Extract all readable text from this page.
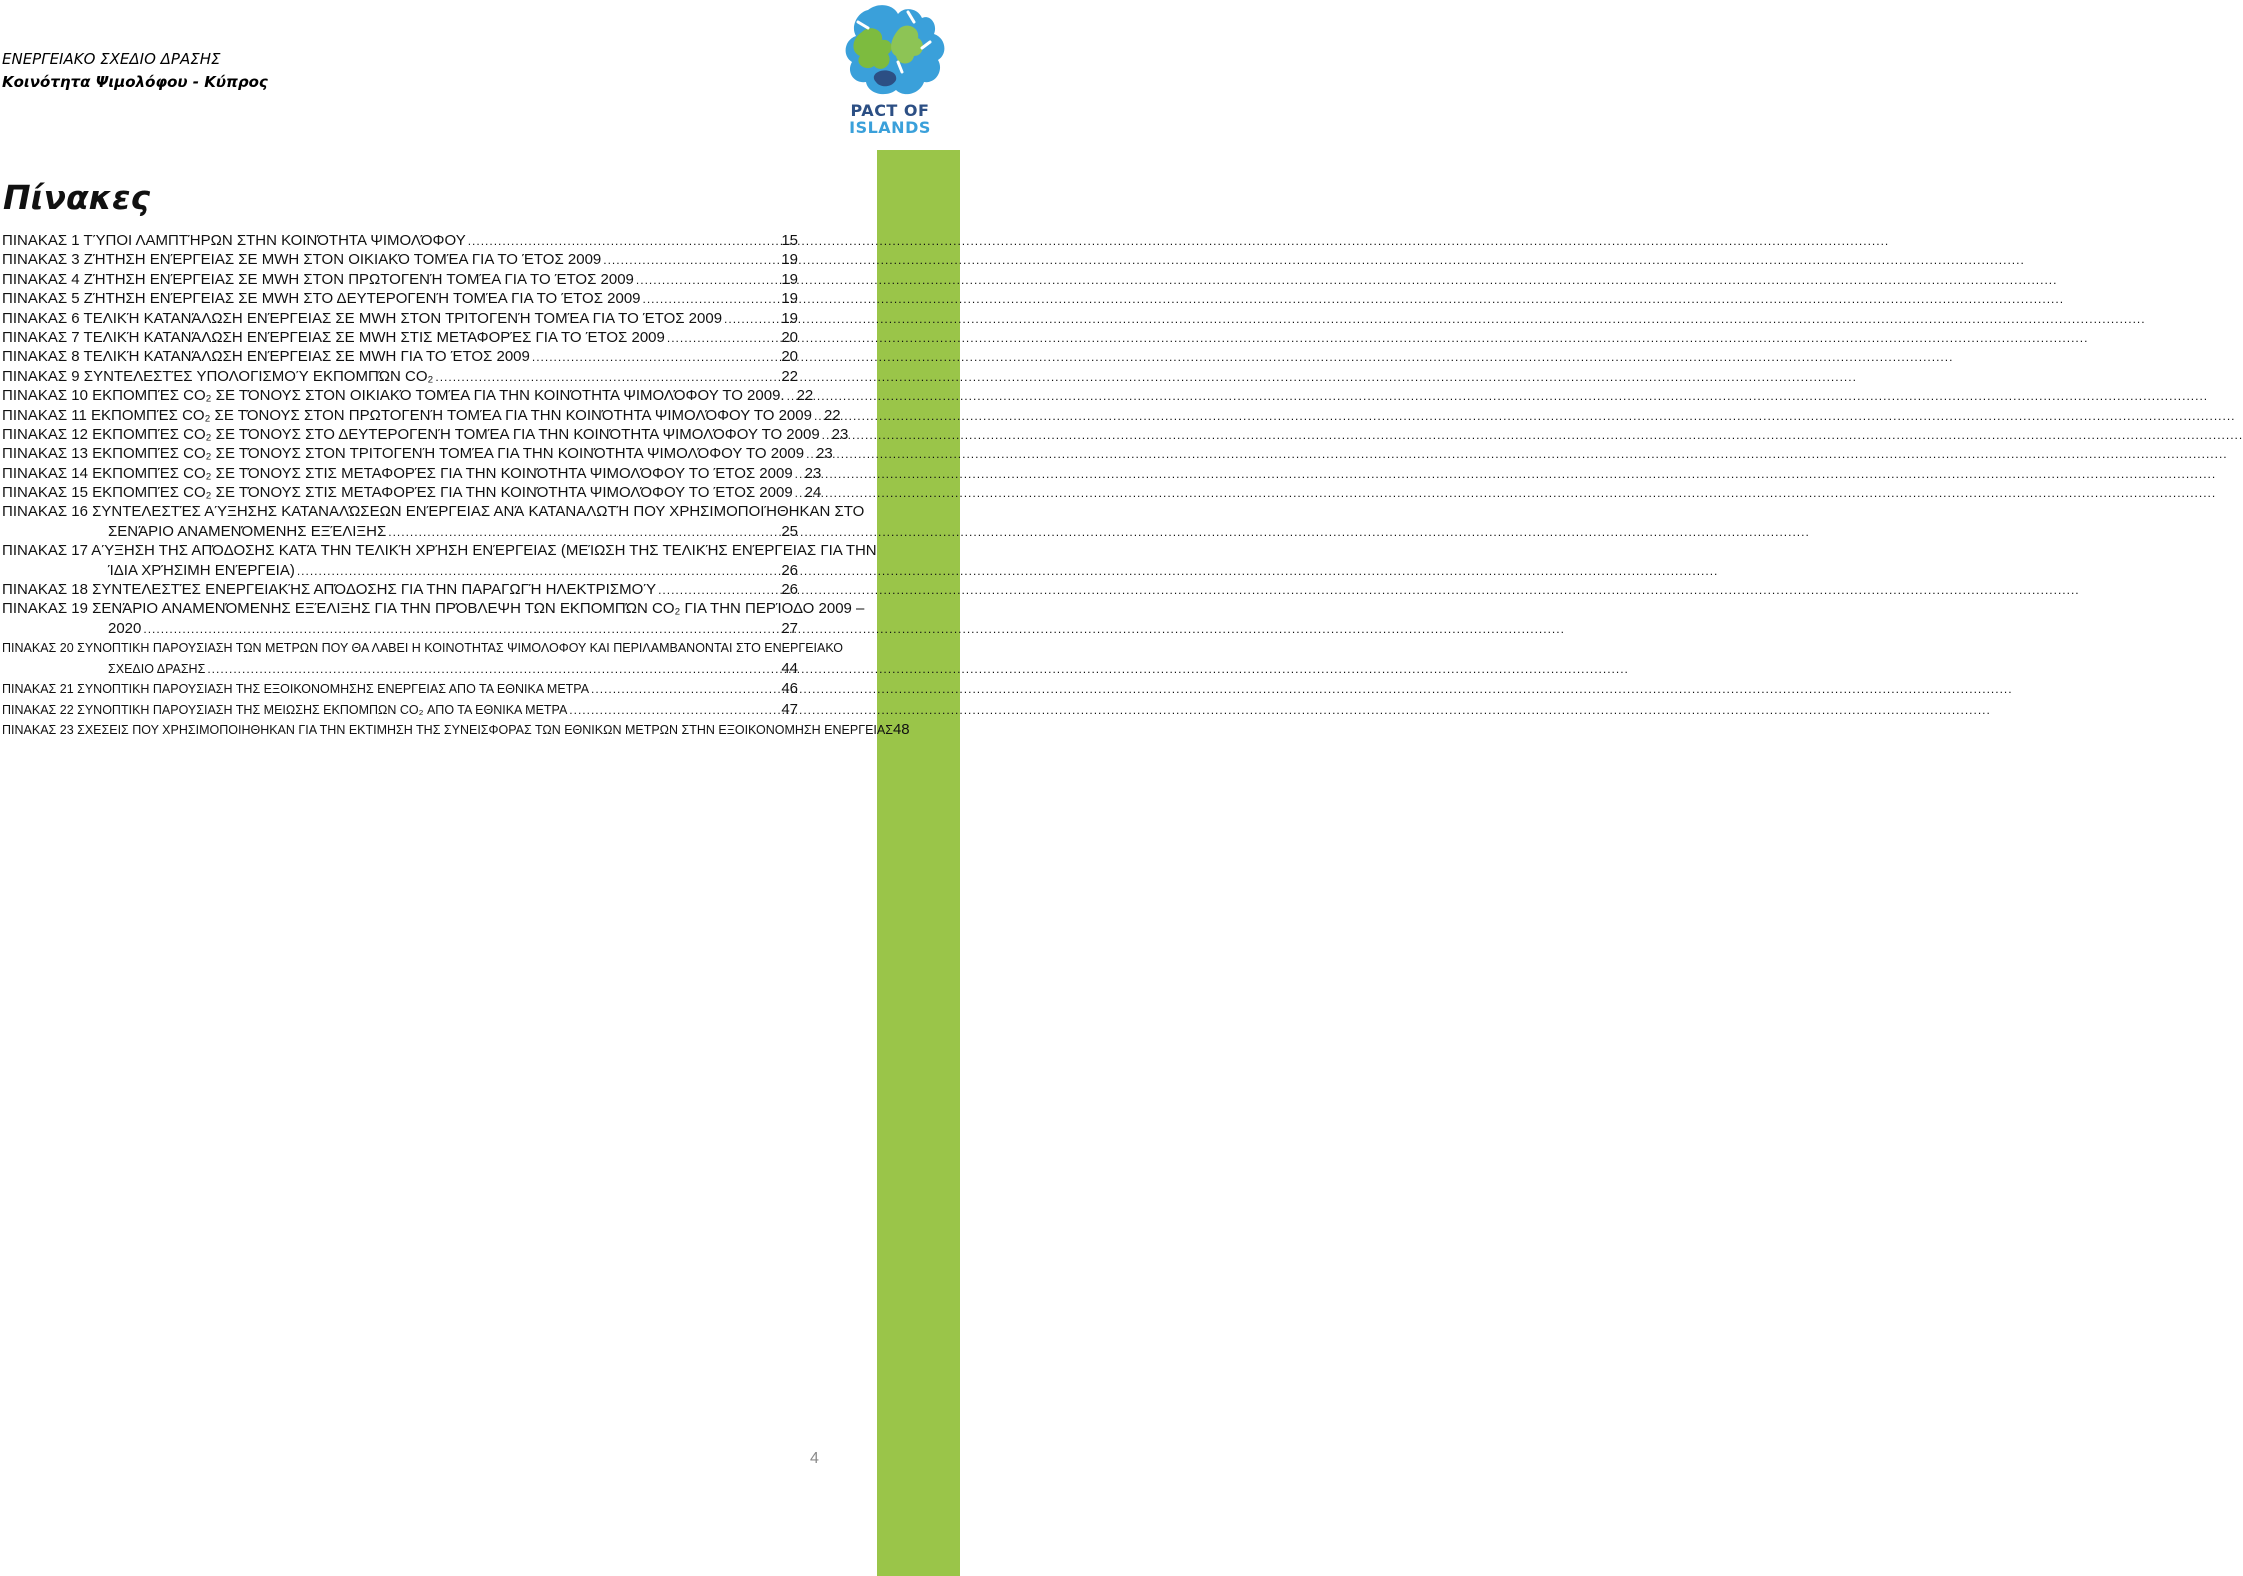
ΕΝΕΡΓΕΙΑΚΟ ΣΧΕΔΙΟ ΔΡΑΣΗΣ
Κοινότητα Ψιμολόφου - Κύπρος
PACT OF
ISLANDS
Πίνακες
ΠΙΝΑΚΑΣ 1 ΤΎΠΟΙ ΛΑΜΠΤΉΡΩΝ ΣΤΗΝ ΚΟΙΝΌΤΗΤΑ ΨΙΜΟΛΌΦΟΥ .....	15
ΠΙΝΑΚΑΣ 3 ΖΉΤΗΣΗ ΕΝΈΡΓΕΙΑΣ ΣΕ MWH ΣΤΟΝ ΟΙΚΙΑΚΌ ΤΟΜΈΑ ΓΙΑ ΤΟ ΈΤΟΣ 2009 .....	19
ΠΙΝΑΚΑΣ 4 ΖΉΤΗΣΗ ΕΝΈΡΓΕΙΑΣ ΣΕ MWH ΣΤΟΝ ΠΡΩΤΟΓΕΝΉ ΤΟΜΈΑ ΓΙΑ ΤΟ ΈΤΟΣ 2009 .....	19
ΠΙΝΑΚΑΣ 5 ΖΉΤΗΣΗ ΕΝΈΡΓΕΙΑΣ ΣΕ MWH ΣΤΟ ΔΕΥΤΕΡΟΓΕΝΉ ΤΟΜΈΑ ΓΙΑ ΤΟ ΈΤΟΣ 2009 .....	19
ΠΙΝΑΚΑΣ 6 ΤΕΛΙΚΉ ΚΑΤΑΝΆΛΩΣΗ ΕΝΈΡΓΕΙΑΣ ΣΕ MWH ΣΤΟΝ ΤΡΙΤΟΓΕΝΉ ΤΟΜΈΑ ΓΙΑ ΤΟ ΈΤΟΣ 2009 .....	19
ΠΙΝΑΚΑΣ 7 ΤΕΛΙΚΉ ΚΑΤΑΝΆΛΩΣΗ ΕΝΈΡΓΕΙΑΣ ΣΕ MWH ΣΤΙΣ ΜΕΤΑΦΟΡΈΣ ΓΙΑ ΤΟ ΈΤΟΣ 2009 .....	20
ΠΙΝΑΚΑΣ 8 ΤΕΛΙΚΉ ΚΑΤΑΝΆΛΩΣΗ ΕΝΈΡΓΕΙΑΣ ΣΕ MWH ΓΙΑ ΤΟ ΈΤΟΣ 2009 .....	20
ΠΙΝΑΚΑΣ 9 ΣΥΝΤΕΛΕΣΤΈΣ ΥΠΟΛΟΓΙΣΜΟΎ ΕΚΠΟΜΠΏΝ CO₂ .....	22
ΠΙΝΑΚΑΣ 10 ΕΚΠΟΜΠΈΣ CO₂ ΣΕ ΤΌΝΟΥΣ ΣΤΟΝ ΟΙΚΙΑΚΌ ΤΟΜΈΑ ΓΙΑ ΤΗΝ ΚΟΙΝΌΤΗΤΑ ΨΙΜΟΛΌΦΟΥ ΤΟ 2009. ..... 22
ΠΙΝΑΚΑΣ 11 ΕΚΠΟΜΠΈΣ CO₂ ΣΕ ΤΌΝΟΥΣ ΣΤΟΝ ΠΡΩΤΟΓΕΝΉ ΤΟΜΈΑ ΓΙΑ ΤΗΝ ΚΟΙΝΌΤΗΤΑ ΨΙΜΟΛΌΦΟΥ ΤΟ 2009 ..... 22
ΠΙΝΑΚΑΣ 12 ΕΚΠΟΜΠΈΣ CO₂ ΣΕ ΤΌΝΟΥΣ ΣΤΟ ΔΕΥΤΕΡΟΓΕΝΉ ΤΟΜΈΑ ΓΙΑ ΤΗΝ ΚΟΙΝΌΤΗΤΑ ΨΙΜΟΛΌΦΟΥ ΤΟ 2009 ..... 23
ΠΙΝΑΚΑΣ 13 ΕΚΠΟΜΠΈΣ CO₂ ΣΕ ΤΌΝΟΥΣ ΣΤΟΝ ΤΡΙΤΟΓΕΝΉ ΤΟΜΈΑ ΓΙΑ ΤΗΝ ΚΟΙΝΌΤΗΤΑ ΨΙΜΟΛΌΦΟΥ ΤΟ 2009 ..... 23
ΠΙΝΑΚΑΣ 14 ΕΚΠΟΜΠΈΣ CO₂ ΣΕ ΤΌΝΟΥΣ ΣΤΙΣ ΜΕΤΑΦΟΡΈΣ ΓΙΑ ΤΗΝ ΚΟΙΝΌΤΗΤΑ ΨΙΜΟΛΌΦΟΥ ΤΟ ΈΤΟΣ 2009 ..... 23
ΠΙΝΑΚΑΣ 15 ΕΚΠΟΜΠΈΣ CO₂ ΣΕ ΤΌΝΟΥΣ ΣΤΙΣ ΜΕΤΑΦΟΡΈΣ ΓΙΑ ΤΗΝ ΚΟΙΝΌΤΗΤΑ ΨΙΜΟΛΌΦΟΥ ΤΟ ΈΤΟΣ 2009 ..... 24
ΠΙΝΑΚΑΣ 16 ΣΥΝΤΕΛΕΣΤΈΣ ΑΎΞΗΣΗΣ ΚΑΤΑΝΑΛΏΣΕΩΝ ΕΝΈΡΓΕΙΑΣ ΑΝΆ ΚΑΤΑΝΑΛΩΤΉ ΠΟΥ ΧΡΗΣΙΜΟΠΟΙΉΘΗΚΑΝ ΣΤΟ
ΣΕΝΆΡΙΟ ΑΝΑΜΕΝΌΜΕΝΗΣ ΕΞΈΛΙΞΗΣ .....	25
ΠΙΝΑΚΑΣ 17 ΑΎΞΗΣΗ ΤΗΣ ΑΠΌΔΟΣΗΣ ΚΑΤΆ ΤΗΝ ΤΕΛΙΚΉ ΧΡΉΣΗ ΕΝΈΡΓΕΙΑΣ (ΜΕΊΩΣΗ ΤΗΣ ΤΕΛΙΚΉΣ ΕΝΈΡΓΕΙΑΣ ΓΙΑ ΤΗΝ
ΊΔΙΑ ΧΡΉΣΙΜΗ ΕΝΈΡΓΕΙΑ) .....	26
ΠΙΝΑΚΑΣ 18 ΣΥΝΤΕΛΕΣΤΈΣ ΕΝΕΡΓΕΙΑΚΉΣ ΑΠΌΔΟΣΗΣ ΓΙΑ ΤΗΝ ΠΑΡΑΓΩΓΉ ΗΛΕΚΤΡΙΣΜΟΎ .....	26
ΠΙΝΑΚΑΣ 19 ΣΕΝΆΡΙΟ ΑΝΑΜΕΝΌΜΕΝΗΣ ΕΞΈΛΙΞΗΣ ΓΙΑ ΤΗΝ ΠΡΌΒΛΕΨΗ ΤΩΝ ΕΚΠΟΜΠΏΝ CO₂ ΓΙΑ ΤΗΝ ΠΕΡΊΟΔΟ 2009 –
2020 .....	27
ΠΙΝΑΚΑΣ 20 ΣΥΝΟΠΤΙΚΗ ΠΑΡΟΥΣΙΑΣΗ ΤΩΝ ΜΕΤΡΩΝ ΠΟΥ ΘΑ ΛΑΒΕΙ Η ΚΟΙΝΟΤΗΤΑΣ ΨΙΜΟΛΟΦΟΥ ΚΑΙ ΠΕΡΙΛΑΜΒΑΝΟΝΤΑΙ ΣΤΟ ΕΝΕΡΓΕΙΑΚΟ
ΣΧΕΔΙΟ ΔΡΑΣΗΣ .....	44
ΠΙΝΑΚΑΣ 21 ΣΥΝΟΠΤΙΚΗ ΠΑΡΟΥΣΙΑΣΗ ΤΗΣ ΕΞΟΙΚΟΝΟΜΗΣΗΣ ΕΝΕΡΓΕΙΑΣ ΑΠΟ ΤΑ ΕΘΝΙΚΑ ΜΕΤΡΑ .....	46
ΠΙΝΑΚΑΣ 22 ΣΥΝΟΠΤΙΚΗ ΠΑΡΟΥΣΙΑΣΗ ΤΗΣ ΜΕΙΩΣΗΣ ΕΚΠΟΜΠΩΝ CO₂ ΑΠΟ ΤΑ ΕΘΝΙΚΑ ΜΕΤΡΑ .....	47
ΠΙΝΑΚΑΣ 23 ΣΧΕΣΕΙΣ ΠΟΥ ΧΡΗΣΙΜΟΠΟΙΗΘΗΚΑΝ ΓΙΑ ΤΗΝ ΕΚΤΙΜΗΣΗ ΤΗΣ ΣΥΝΕΙΣΦΟΡΑΣ ΤΩΝ ΕΘΝΙΚΩΝ ΜΕΤΡΩΝ ΣΤΗΝ ΕΞΟΙΚΟΝΟΜΗΣΗ ΕΝΕΡΓΕΙΑΣ 48
4
